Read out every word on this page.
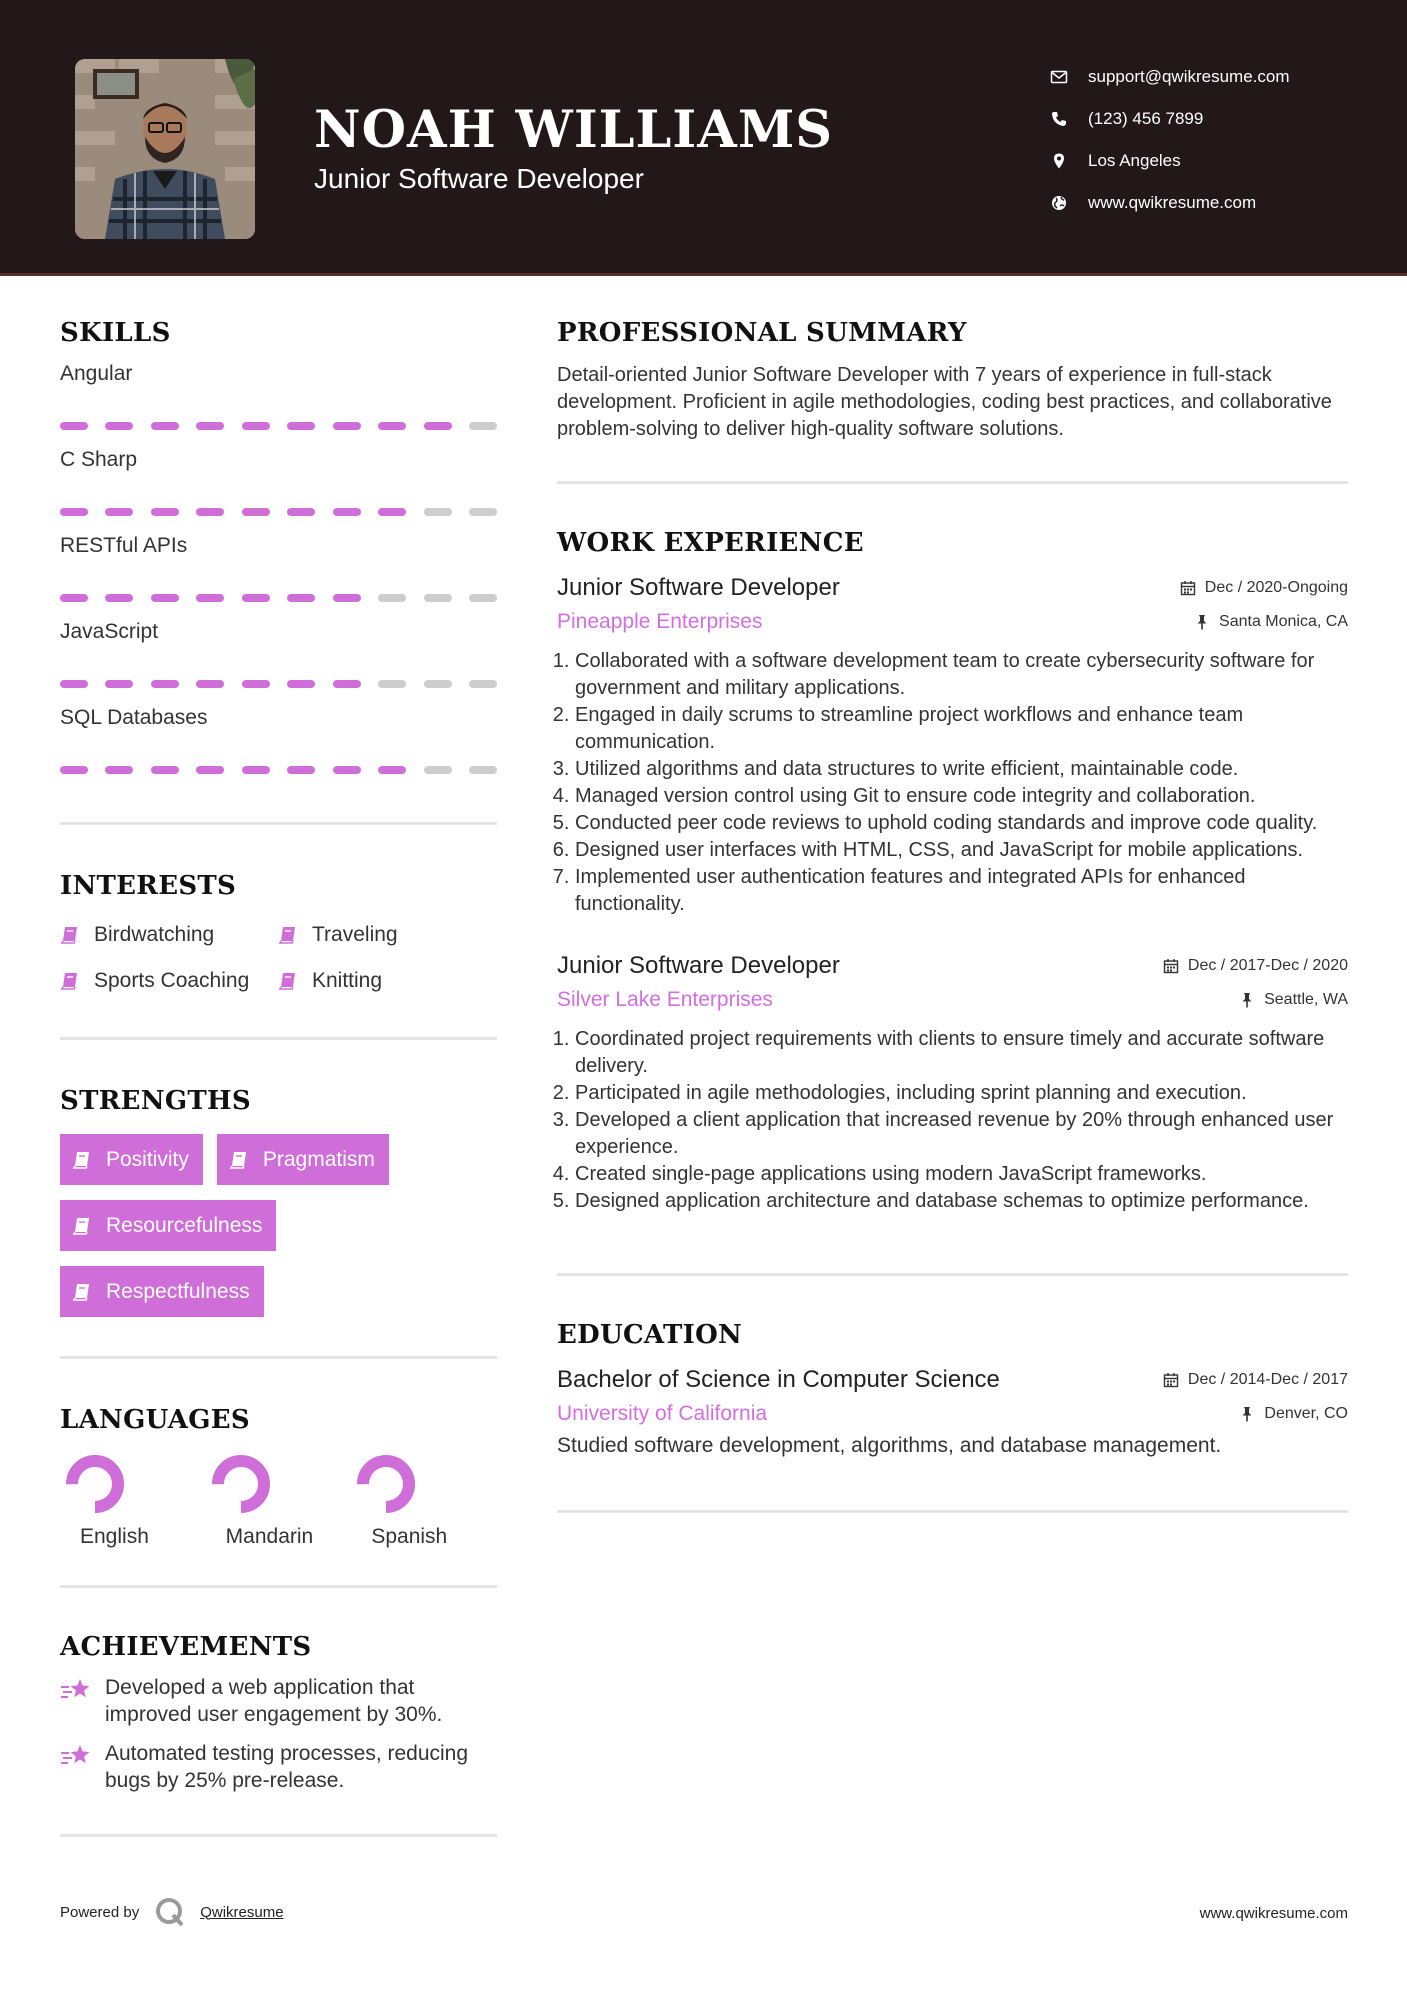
NOAH WILLIAMS
Junior Software Developer
support@qwikresume.com
(123) 456 7899
Los Angeles
www.qwikresume.com
SKILLS
Angular
C Sharp
RESTful APIs
JavaScript
SQL Databases
INTERESTS
Birdwatching	Traveling
Sports Coaching	Knitting
STRENGTHS
Positivity	Pragmatism
Resourcefulness
Respectfulness
LANGUAGES
English	Mandarin	Spanish
ACHIEVEMENTS
Developed a web application that improved user engagement by 30%.
Automated testing processes, reducing bugs by 25% pre-release.
PROFESSIONAL SUMMARY
Detail-oriented Junior Software Developer with 7 years of experience in full-stack development. Proficient in agile methodologies, coding best practices, and collaborative problem-solving to deliver high-quality software solutions.
WORK EXPERIENCE
Junior Software Developer	Dec / 2020-Ongoing
Pineapple Enterprises	Santa Monica, CA
1. Collaborated with a software development team to create cybersecurity software for government and military applications.
2. Engaged in daily scrums to streamline project workflows and enhance team communication.
3. Utilized algorithms and data structures to write efficient, maintainable code.
4. Managed version control using Git to ensure code integrity and collaboration.
5. Conducted peer code reviews to uphold coding standards and improve code quality.
6. Designed user interfaces with HTML, CSS, and JavaScript for mobile applications.
7. Implemented user authentication features and integrated APIs for enhanced functionality.
Junior Software Developer	Dec / 2017-Dec / 2020
Silver Lake Enterprises	Seattle, WA
1. Coordinated project requirements with clients to ensure timely and accurate software delivery.
2. Participated in agile methodologies, including sprint planning and execution.
3. Developed a client application that increased revenue by 20% through enhanced user experience.
4. Created single-page applications using modern JavaScript frameworks.
5. Designed application architecture and database schemas to optimize performance.
EDUCATION
Bachelor of Science in Computer Science	Dec / 2014-Dec / 2017
University of California	Denver, CO
Studied software development, algorithms, and database management.
Powered by	Qwikresume	www.qwikresume.com
